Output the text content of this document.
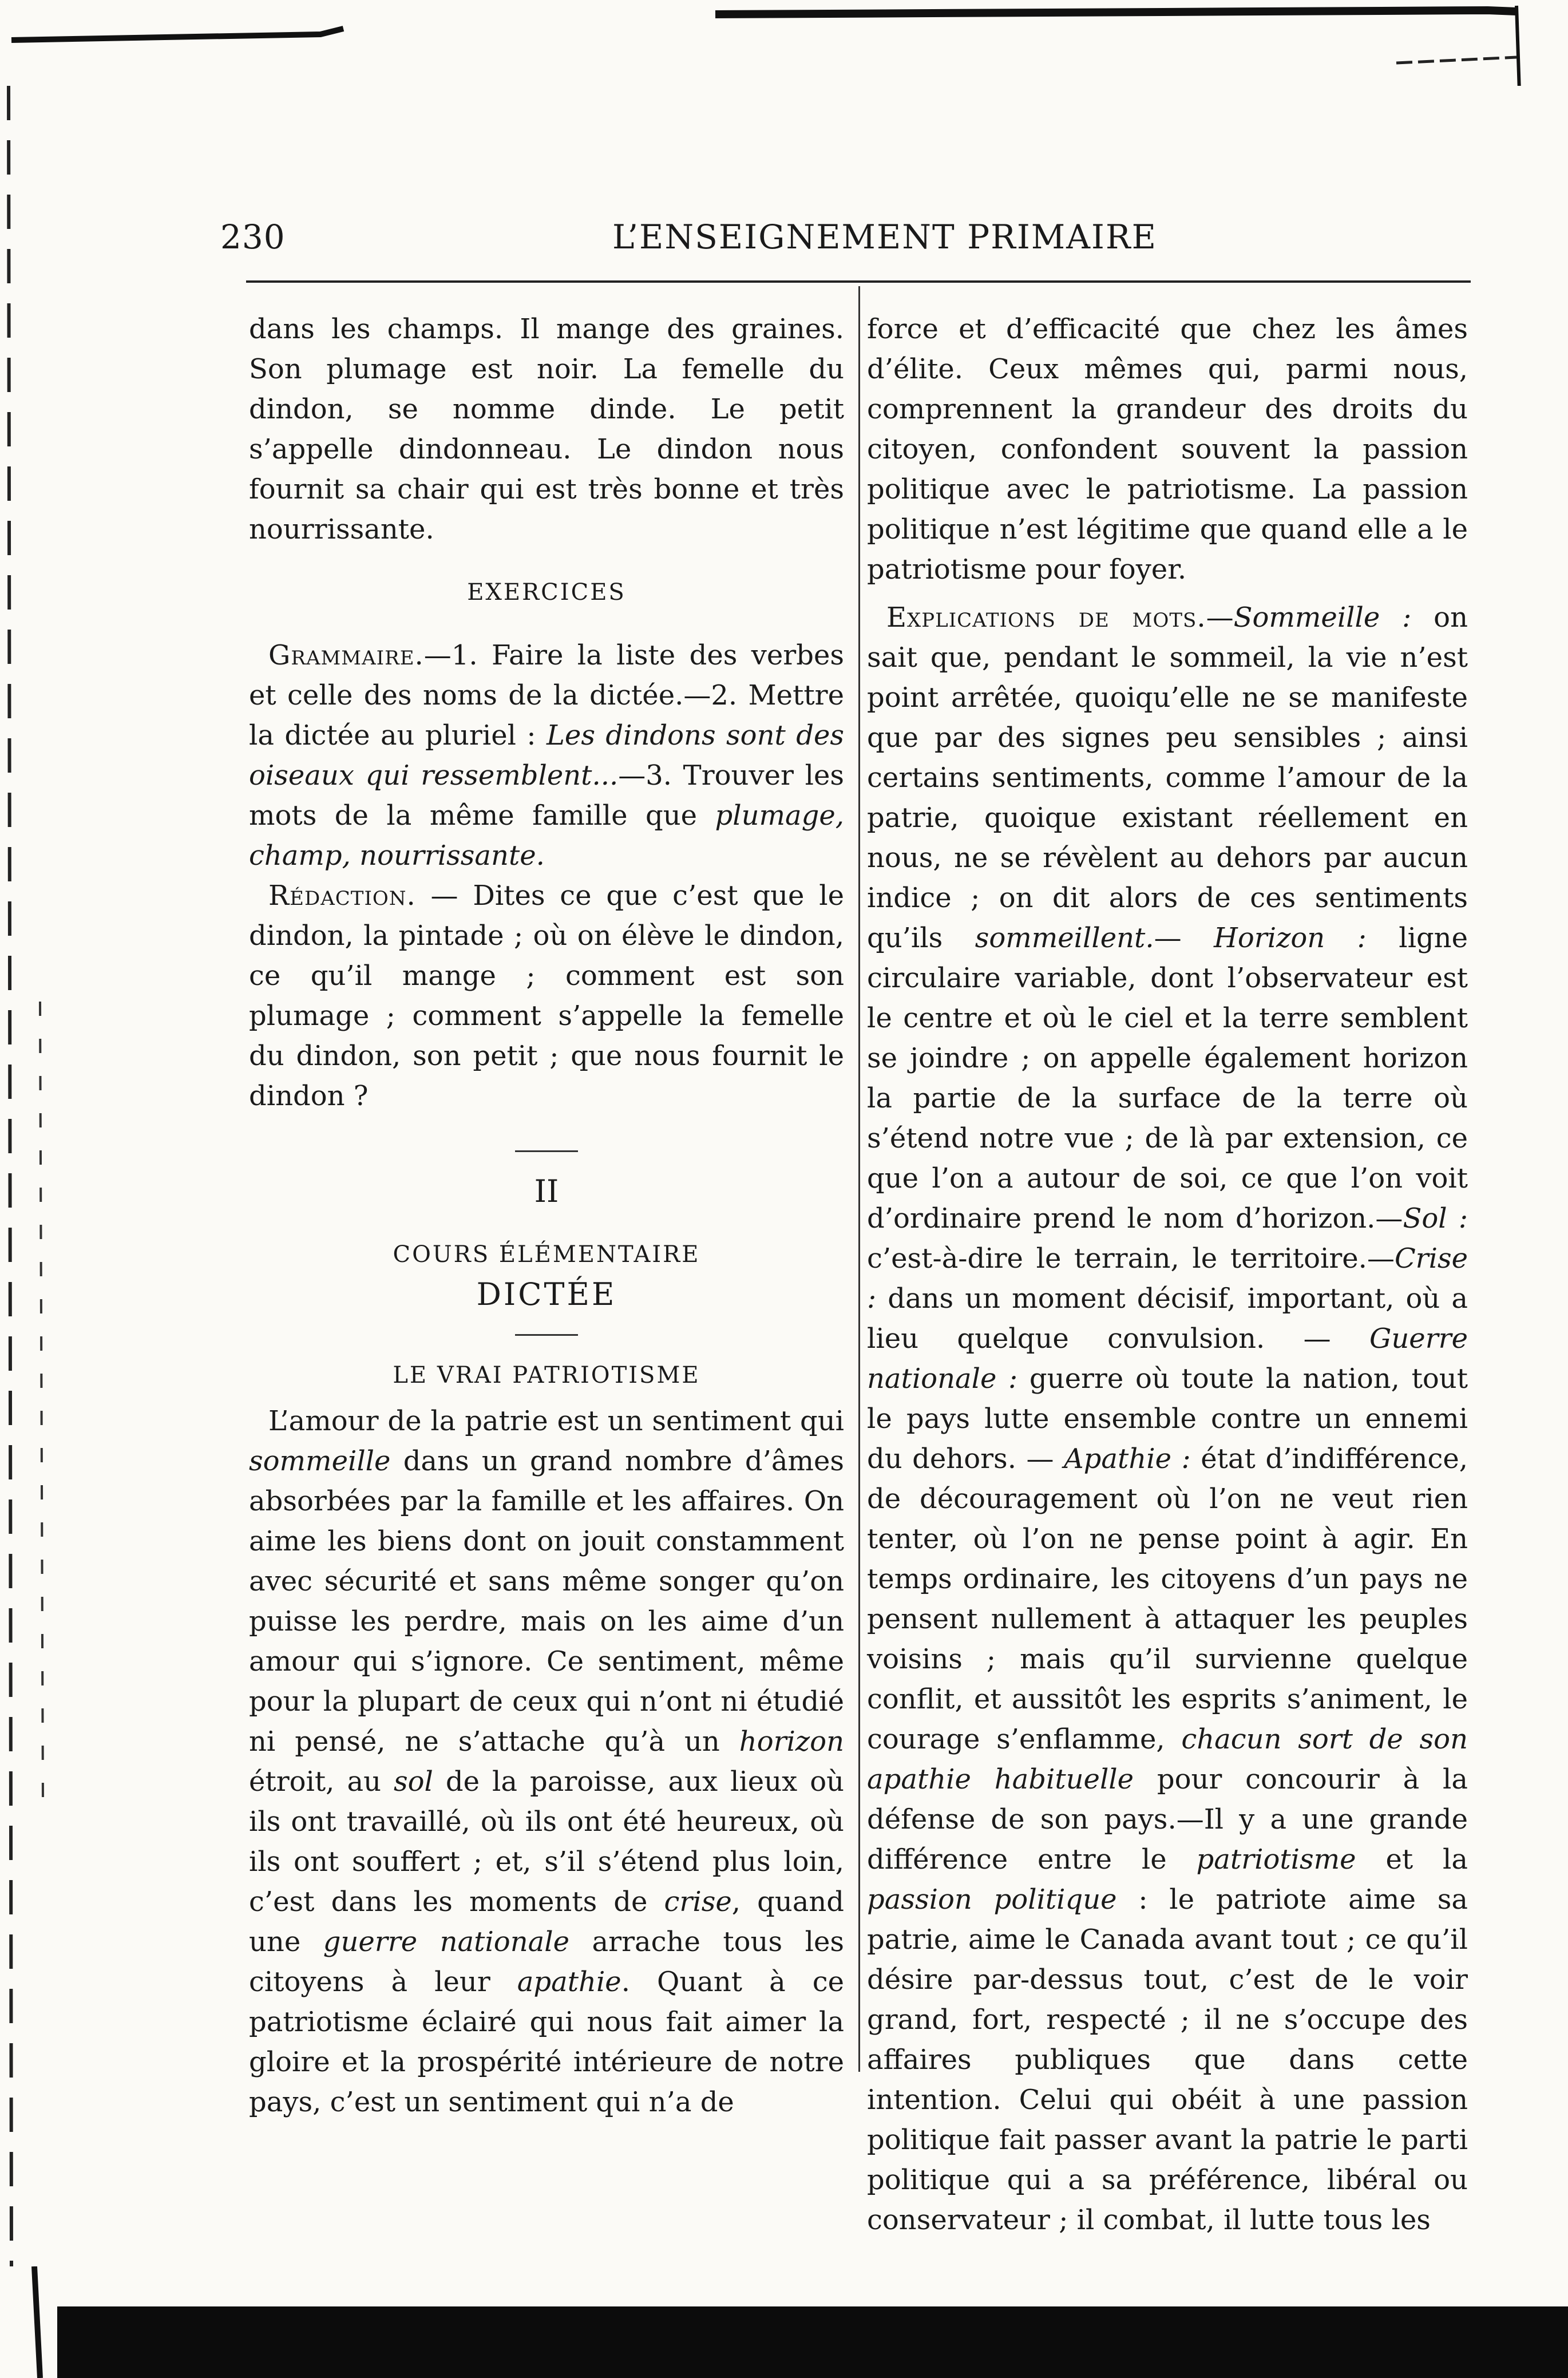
230	L’ENSEIGNEMENT PRIMAIRE

dans les champs. Il mange des graines. Son plumage est noir. La femelle du dindon, se nomme dinde. Le petit s’appelle dindonneau. Le dindon nous fournit sa chair qui est très bonne et très nourrissante.

EXERCICES

Grammaire.—1. Faire la liste des verbes et celle des noms de la dictée.—2. Mettre la dictée au pluriel : Les dindons sont des oiseaux qui ressemblent...—3. Trouver les mots de la même famille que plumage, champ, nourrissante.

Rédaction. — Dites ce que c’est que le dindon, la pintade ; où on élève le dindon, ce qu’il mange ; comment est son plumage ; comment s’appelle la femelle du dindon, son petit ; que nous fournit le dindon ?

II

COURS ÉLÉMENTAIRE

DICTÉE

LE VRAI PATRIOTISME

L’amour de la patrie est un sentiment qui sommeille dans un grand nombre d’âmes absorbées par la famille et les affaires. On aime les biens dont on jouit constamment avec sécurité et sans même songer qu’on puisse les perdre, mais on les aime d’un amour qui s’ignore. Ce sentiment, même pour la plupart de ceux qui n’ont ni étudié ni pensé, ne s’attache qu’à un horizon étroit, au sol de la paroisse, aux lieux où ils ont travaillé, où ils ont été heureux, où ils ont souffert ; et, s’il s’étend plus loin, c’est dans les moments de crise, quand une guerre nationale arrache tous les citoyens à leur apathie. Quant à ce patriotisme éclairé qui nous fait aimer la gloire et la prospérité intérieure de notre pays, c’est un sentiment qui n’a de

force et d’efficacité que chez les âmes d’élite. Ceux mêmes qui, parmi nous, comprennent la grandeur des droits du citoyen, confondent souvent la passion politique avec le patriotisme. La passion politique n’est légitime que quand elle a le patriotisme pour foyer.

Explications de mots.—Sommeille : on sait que, pendant le sommeil, la vie n’est point arrêtée, quoiqu’elle ne se manifeste que par des signes peu sensibles ; ainsi certains sentiments, comme l’amour de la patrie, quoique existant réellement en nous, ne se révèlent au dehors par aucun indice ; on dit alors de ces sentiments qu’ils sommeillent.— Horizon : ligne circulaire variable, dont l’observateur est le centre et où le ciel et la terre semblent se joindre ; on appelle également horizon la partie de la surface de la terre où s’étend notre vue ; de là par extension, ce que l’on a autour de soi, ce que l’on voit d’ordinaire prend le nom d’horizon.—Sol : c’est-à-dire le terrain, le territoire.—Crise : dans un moment décisif, important, où a lieu quelque convulsion. — Guerre nationale : guerre où toute la nation, tout le pays lutte ensemble contre un ennemi du dehors. — Apathie : état d’indifférence, de découragement où l’on ne veut rien tenter, où l’on ne pense point à agir. En temps ordinaire, les citoyens d’un pays ne pensent nullement à attaquer les peuples voisins ; mais qu’il survienne quelque conflit, et aussitôt les esprits s’animent, le courage s’enflamme, chacun sort de son apathie habituelle pour concourir à la défense de son pays.—Il y a une grande différence entre le patriotisme et la passion politique : le patriote aime sa patrie, aime le Canada avant tout ; ce qu’il désire par-dessus tout, c’est de le voir grand, fort, respecté ; il ne s’occupe des affaires publiques que dans cette intention. Celui qui obéit à une passion politique fait passer avant la patrie le parti politique qui a sa préférence, libéral ou conservateur ; il combat, il lutte tous les
